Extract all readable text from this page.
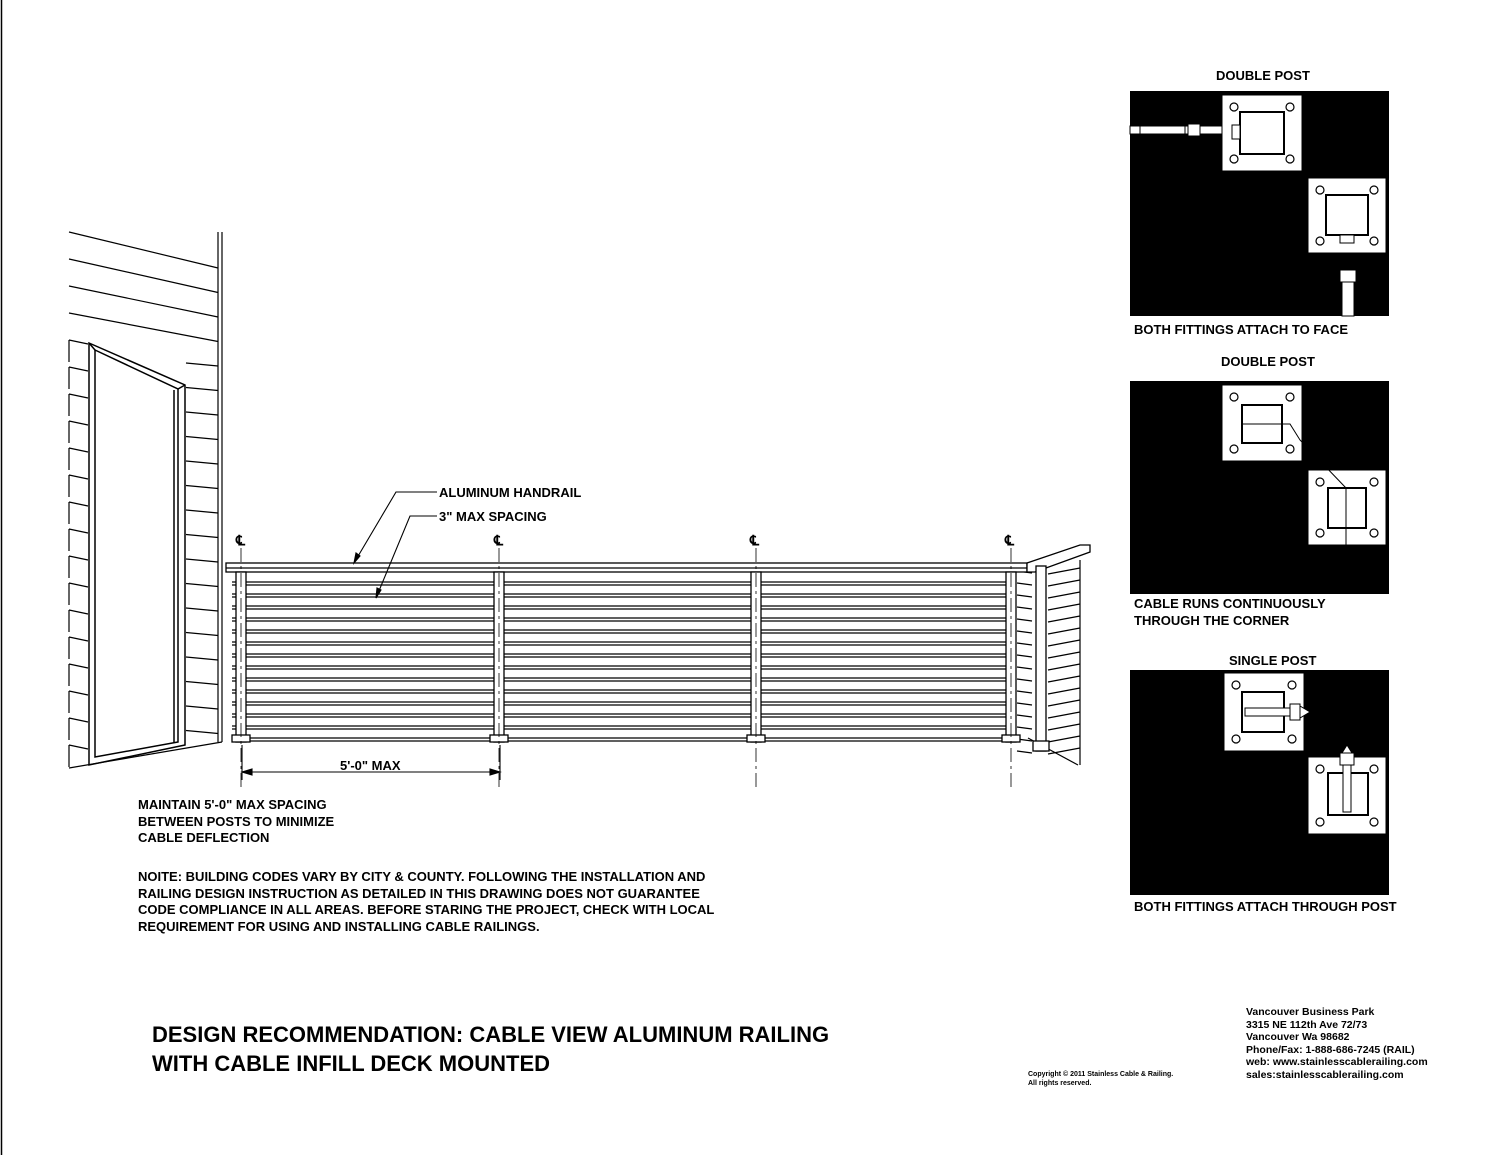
ALUMINUM HANDRAIL
3" MAX SPACING
℄	℄	℄	℄
5'-0" MAX
MAINTAIN 5'-0" MAX SPACING
BETWEEN POSTS TO MINIMIZE
CABLE DEFLECTION
NOITE: BUILDING CODES VARY BY CITY & COUNTY. FOLLOWING THE INSTALLATION AND
RAILING DESIGN INSTRUCTION AS DETAILED IN THIS DRAWING DOES NOT GUARANTEE
CODE COMPLIANCE IN ALL AREAS. BEFORE STARING THE PROJECT, CHECK WITH LOCAL
REQUIREMENT FOR USING AND INSTALLING CABLE RAILINGS.
DOUBLE POST
BOTH FITTINGS ATTACH TO FACE
DOUBLE POST
CABLE RUNS CONTINUOUSLY
THROUGH THE CORNER
SINGLE POST
BOTH FITTINGS ATTACH THROUGH POST
DESIGN RECOMMENDATION: CABLE VIEW ALUMINUM RAILING
WITH CABLE INFILL DECK MOUNTED	Copyright © 2011 Stainless Cable & Railing.
All rights reserved.
Vancouver Business Park
3315 NE 112th Ave 72/73
Vancouver Wa 98682
Phone/Fax: 1-888-686-7245 (RAIL)
web: www.stainlesscablerailing.com
sales:stainlesscablerailing.com
